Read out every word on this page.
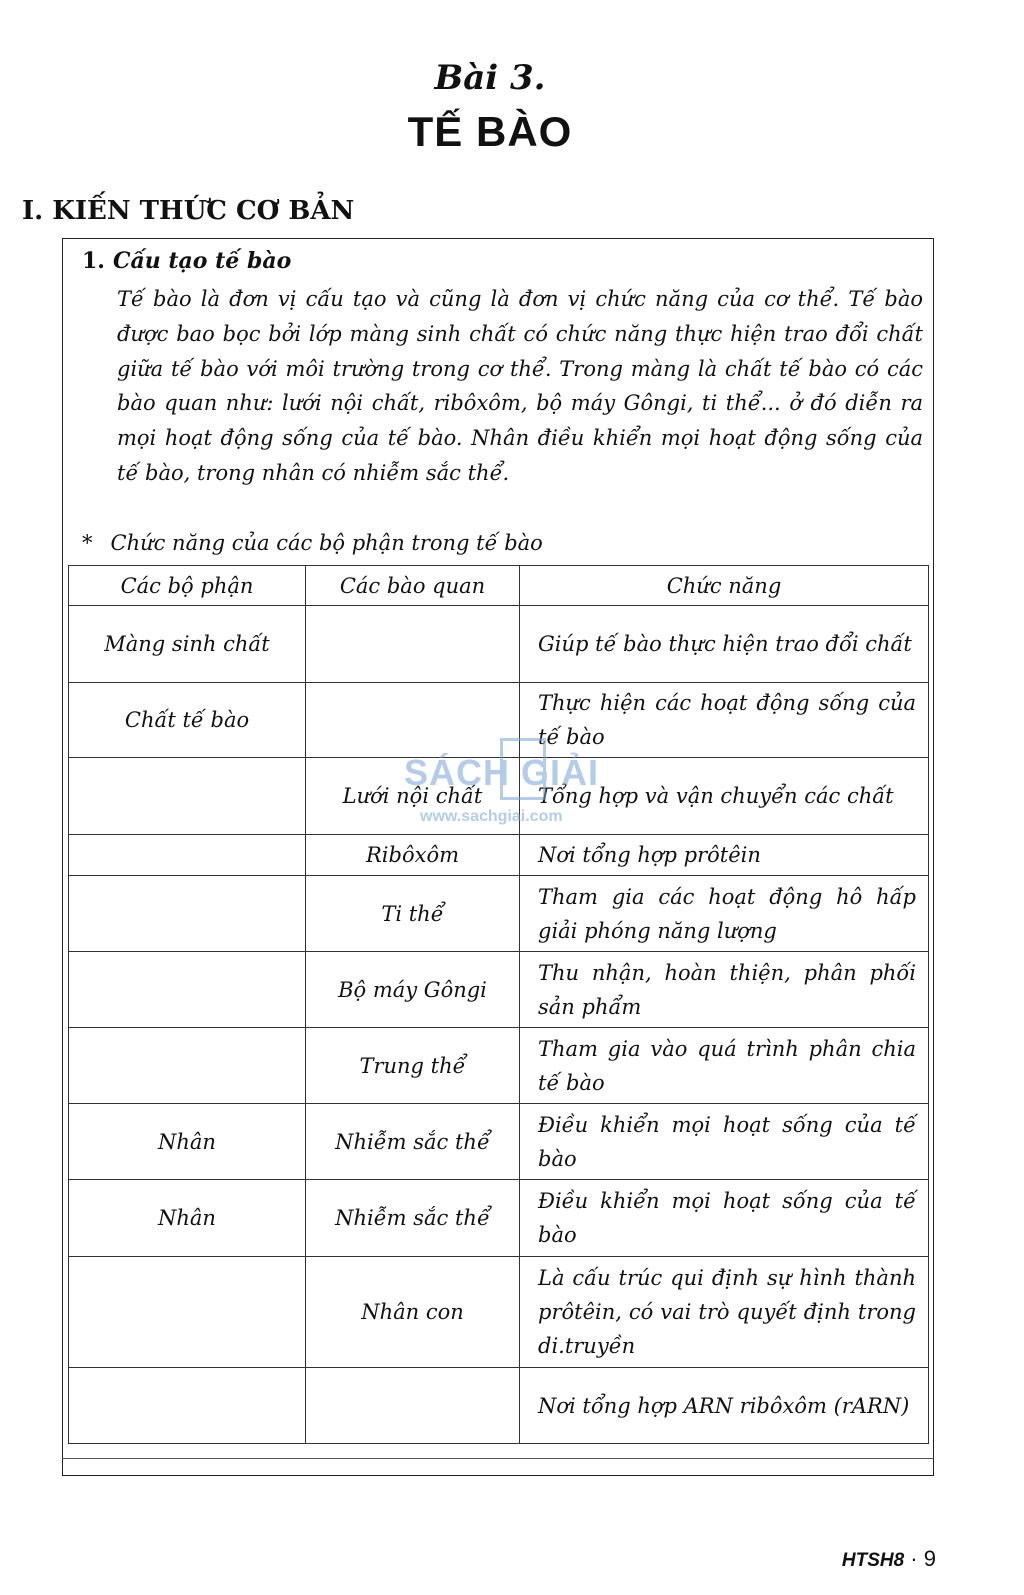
Bài 3.
TẾ BÀO
I. KIẾN THỨC CƠ BẢN
1. Cấu tạo tế bào
Tế bào là đơn vị cấu tạo và cũng là đơn vị chức năng của cơ thể. Tế bào được bao bọc bởi lớp màng sinh chất có chức năng thực hiện trao đổi chất giữa tế bào với môi trường trong cơ thể. Trong màng là chất tế bào có các bào quan như: lưới nội chất, ribôxôm, bộ máy Gôngi, ti thể... ở đó diễn ra mọi hoạt động sống của tế bào. Nhân điều khiển mọi hoạt động sống của tế bào, trong nhân có nhiễm sắc thể.
* Chức năng của các bộ phận trong tế bào
Các bộ phận	Các bào quan	Chức năng
Màng sinh chất		Giúp tế bào thực hiện trao đổi chất
Chất tế bào		Thực hiện các hoạt động sống của tế bào
	Lưới nội chất	Tổng hợp và vận chuyển các chất
	Ribôxôm	Nơi tổng hợp prôtêin
	Ti thể	Tham gia các hoạt động hô hấp giải phóng năng lượng
	Bộ máy Gôngi	Thu nhận, hoàn thiện, phân phối sản phẩm
	Trung thể	Tham gia vào quá trình phân chia tế bào
Nhân	Nhiễm sắc thể	Điều khiển mọi hoạt sống của tế bào
Nhân	Nhiễm sắc thể	Điều khiển mọi hoạt sống của tế bào
	Nhân con	Là cấu trúc qui định sự hình thành prôtêin, có vai trò quyết định trong di.truyền
		Nơi tổng hợp ARN ribôxôm (rARN)
SÁCH GIẢI
www.sachgiai.com
HTSH8 · 9
